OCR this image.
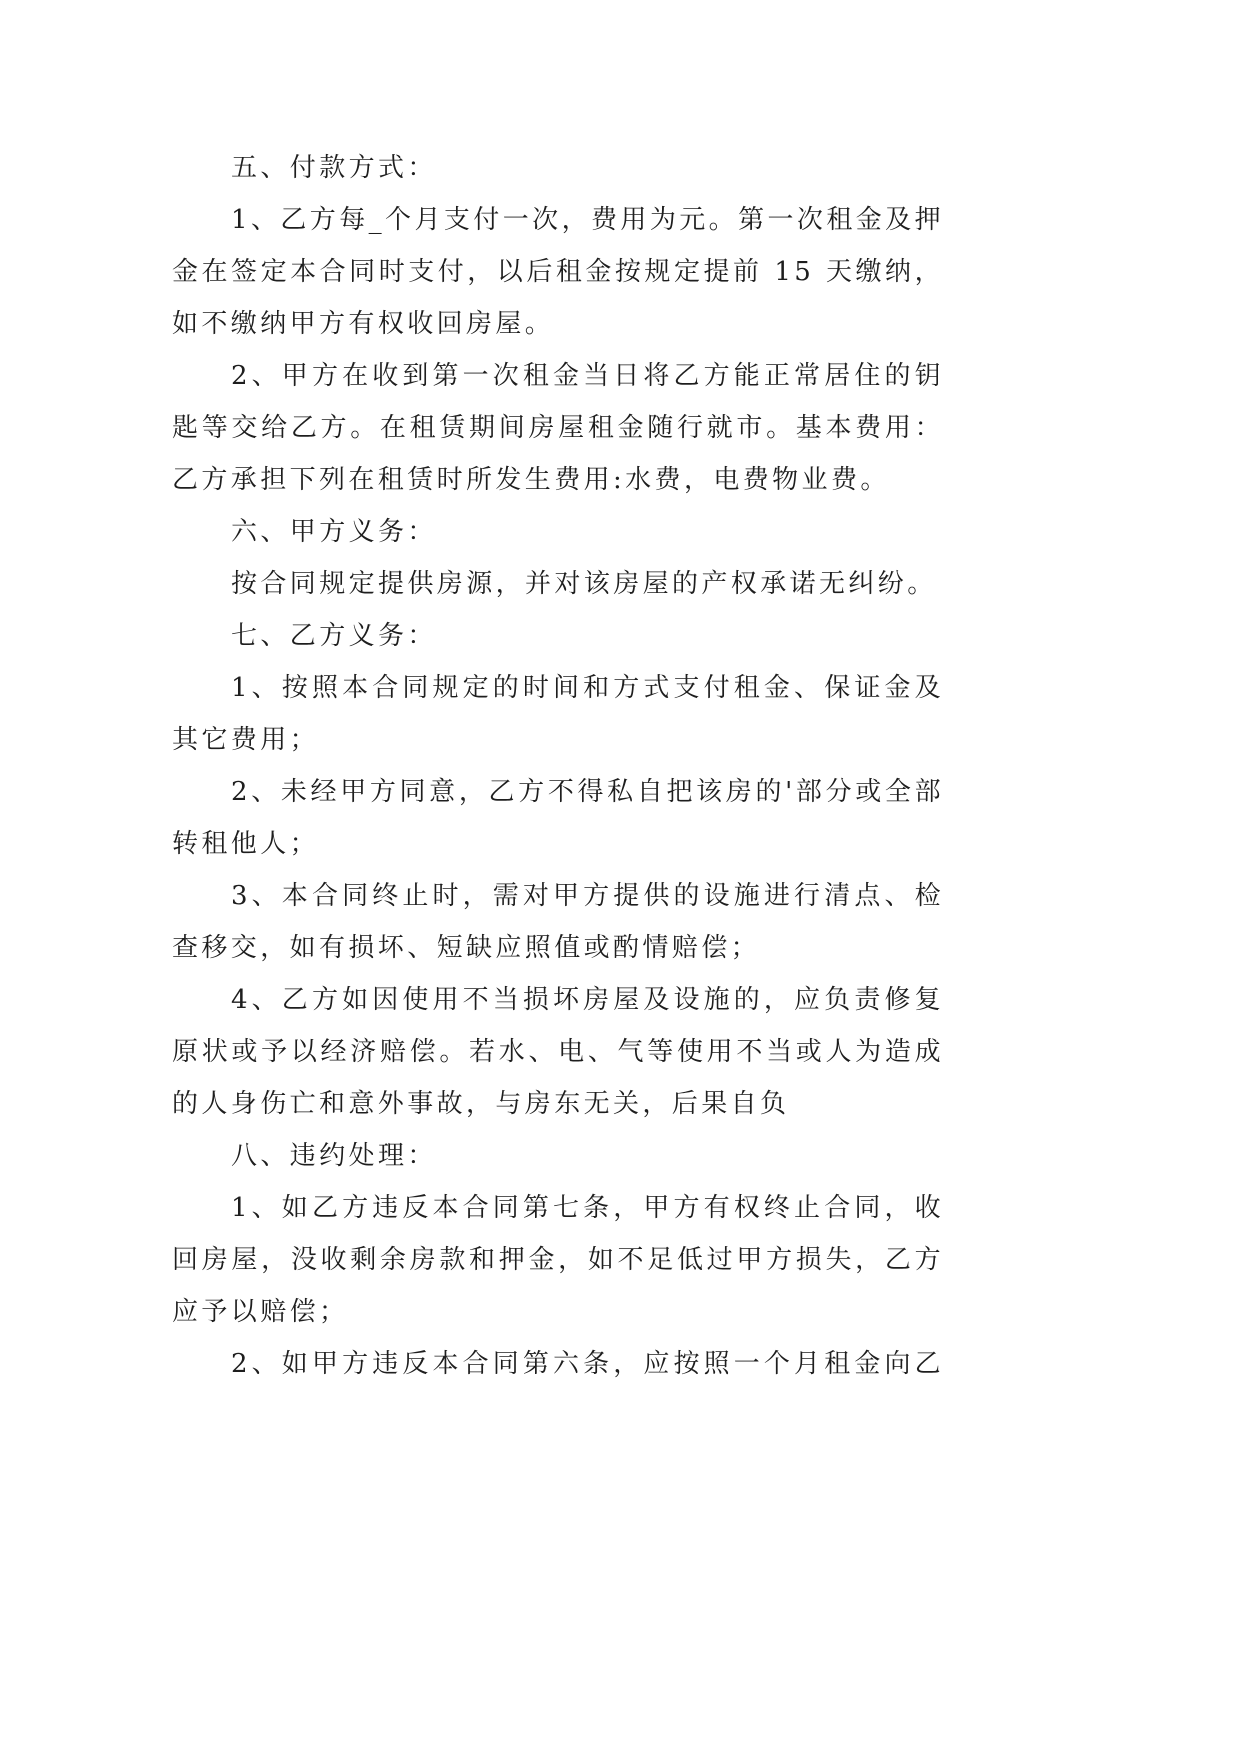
五、付款方式：
1、乙方每_个月支付一次，费用为元。第一次租金及押
金在签定本合同时支付，以后租金按规定提前 15 天缴纳，
如不缴纳甲方有权收回房屋。
2、甲方在收到第一次租金当日将乙方能正常居住的钥
匙等交给乙方。在租赁期间房屋租金随行就市。基本费用：
乙方承担下列在租赁时所发生费用:水费，电费物业费。
六、甲方义务：
按合同规定提供房源，并对该房屋的产权承诺无纠纷。
七、乙方义务：
1、按照本合同规定的时间和方式支付租金、保证金及
其它费用；
2、未经甲方同意，乙方不得私自把该房的'部分或全部
转租他人；
3、本合同终止时，需对甲方提供的设施进行清点、检
查移交，如有损坏、短缺应照值或酌情赔偿；
4、乙方如因使用不当损坏房屋及设施的，应负责修复
原状或予以经济赔偿。若水、电、气等使用不当或人为造成
的人身伤亡和意外事故，与房东无关，后果自负
八、违约处理：
1、如乙方违反本合同第七条，甲方有权终止合同，收
回房屋，没收剩余房款和押金，如不足低过甲方损失，乙方
应予以赔偿；
2、如甲方违反本合同第六条，应按照一个月租金向乙
